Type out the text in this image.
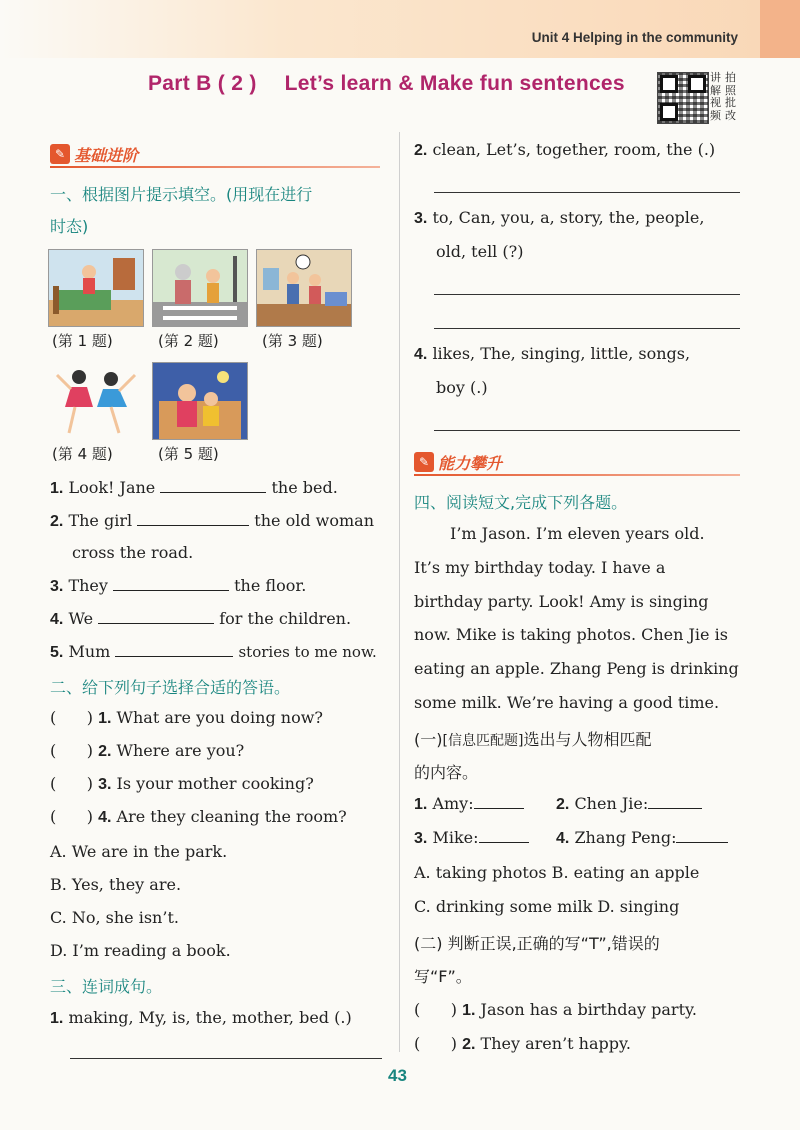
Unit 4 Helping in the community
Part B ( 2 ) Let’s learn & Make fun sentences	讲 拍
解 照
视 批
频 改
✎ 基础进阶
一、根据图片提示填空。(用现在进行
时态)
(第 1 题)	(第 2 题)	(第 3 题)
(第 4 题)	(第 5 题)
1. Look! Jane	the bed.
2. The girl	the old woman
cross the road.
3. They	the floor.
4. We	for the children.
5. Mum	stories to me now.
二、给下列句子选择合适的答语。
(      ) 1. What are you doing now?
(      ) 2. Where are you?
(      ) 3. Is your mother cooking?
(      ) 4. Are they cleaning the room?
A. We are in the park.
B. Yes, they are.
C. No, she isn’t.
D. I’m reading a book.
三、连词成句。
1. making, My, is, the, mother, bed (.)
2. clean, Let’s, together, room, the (.)
3. to, Can, you, a, story, the, people,
old, tell (?)
4. likes, The, singing, little, songs,
boy (.)
✎ 能力攀升
四、阅读短文,完成下列各题。
I’m Jason. I’m eleven years old.
It’s my birthday today. I have a
birthday party. Look! Amy is singing
now. Mike is taking photos. Chen Jie is
eating an apple. Zhang Peng is drinking
some milk. We’re having a good time.
(一)[信息匹配题]选出与人物相匹配
的内容。
1. Amy:	2. Chen Jie:
3. Mike:	4. Zhang Peng:
A. taking photos B. eating an apple
C. drinking some milk D. singing
(二) 判断正误,正确的写“T”,错误的
写“F”。
(      ) 1. Jason has a birthday party.
(      ) 2. They aren’t happy.
43
